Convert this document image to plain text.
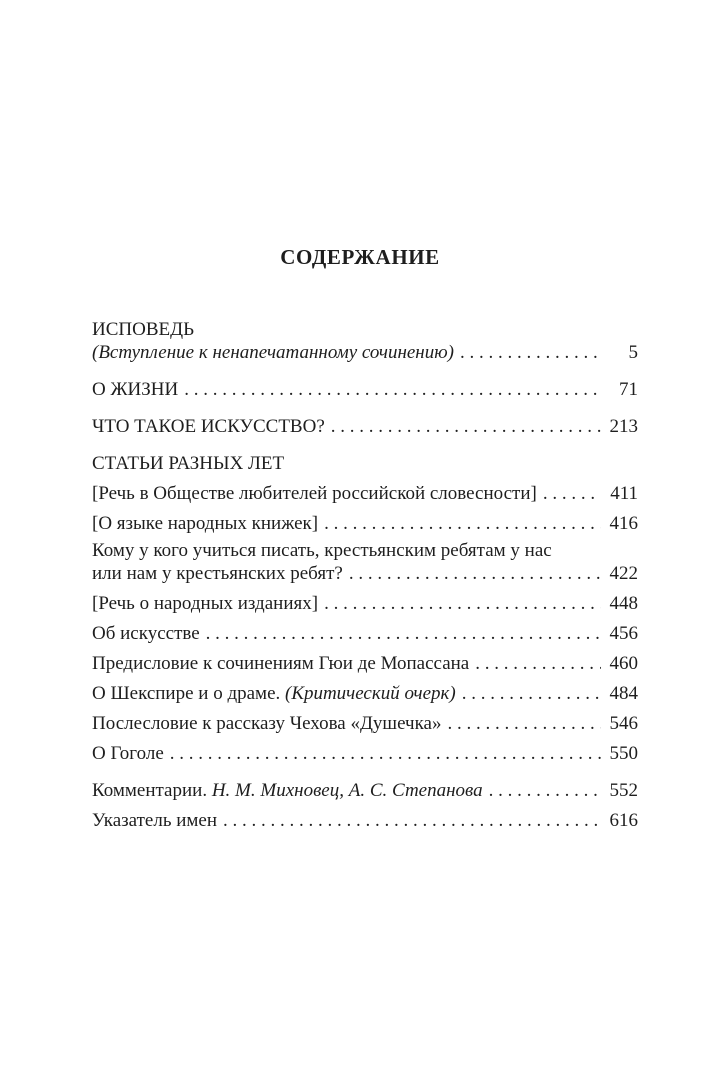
СОДЕРЖАНИЕ
ИСПОВЕДЬ
(Вступление к ненапечатанному сочинению) . . .	5
О ЖИЗНИ . . .	71
ЧТО ТАКОЕ ИСКУССТВО? . . .	213
СТАТЬИ РАЗНЫХ ЛЕТ
[Речь в Обществе любителей российской словесности] . . .	411
[О языке народных книжек] . . .	416
Кому у кого учиться писать, крестьянским ребятам у нас
или нам у крестьянских ребят? . . .	422
[Речь о народных изданиях] . . .	448
Об искусстве . . .	456
Предисловие к сочинениям Гюи де Мопассана . . .	460
О Шекспире и о драме. (Критический очерк) . . .	484
Послесловие к рассказу Чехова «Душечка» . . .	546
О Гоголе . . .	550
Комментарии. Н. М. Михновец, А. С. Степанова . . .	552
Указатель имен . . .	616
